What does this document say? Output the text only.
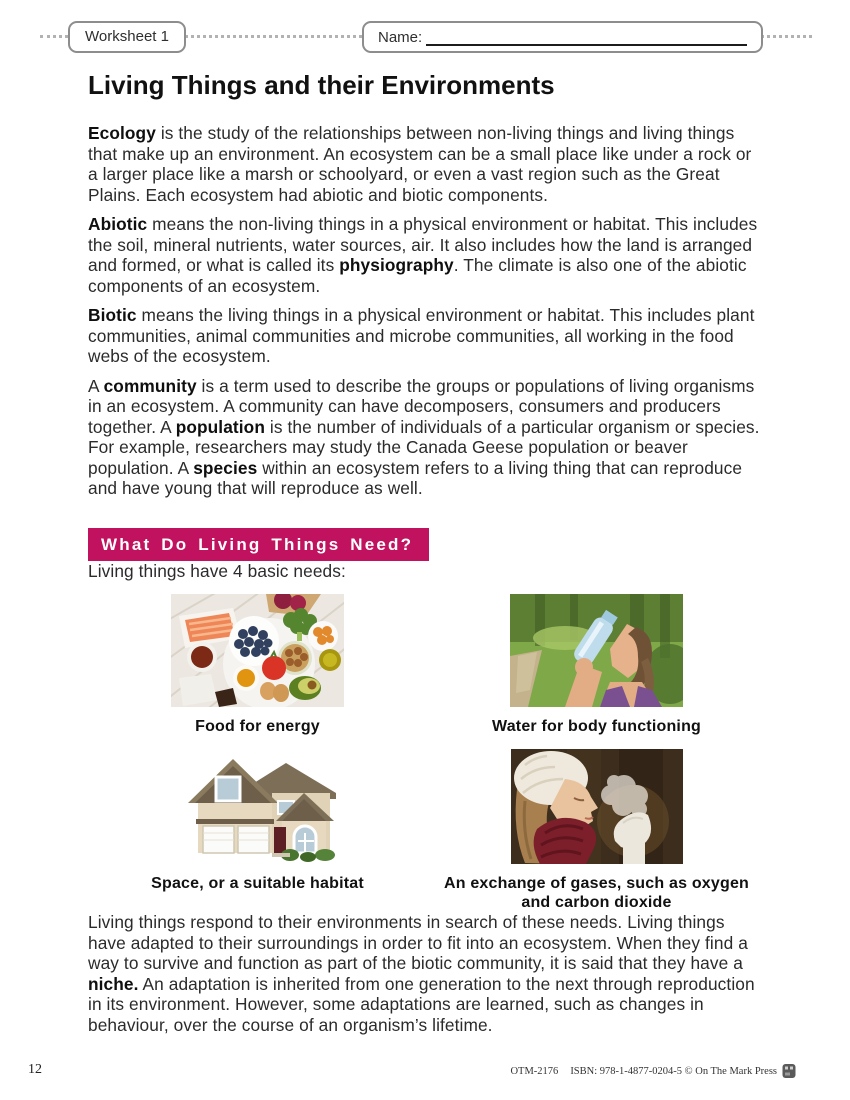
Worksheet 1	Name:
Living Things and their Environments

Ecology is the study of the relationships between non-living things and living things that make up an environment. An ecosystem can be a small place like under a rock or a larger place like a marsh or schoolyard, or even a vast region such as the Great Plains. Each ecosystem had abiotic and biotic components.

Abiotic means the non-living things in a physical environment or habitat. This includes the soil, mineral nutrients, water sources, air. It also includes how the land is arranged and formed, or what is called its physiography. The climate is also one of the abiotic components of an ecosystem.

Biotic means the living things in a physical environment or habitat. This includes plant communities, animal communities and microbe communities, all working in the food webs of the ecosystem.

A community is a term used to describe the groups or populations of living organisms in an ecosystem. A community can have decomposers, consumers and producers together. A population is the number of individuals of a particular organism or species. For example, researchers may study the Canada Geese population or beaver population. A species within an ecosystem refers to a living thing that can reproduce and have young that will reproduce as well.

What Do Living Things Need?

Living things have 4 basic needs:

Food for energy	Water for body functioning
Space, or a suitable habitat	An exchange of gases, such as oxygen and carbon dioxide

Living things respond to their environments in search of these needs. Living things have adapted to their surroundings in order to fit into an ecosystem. When they find a way to survive and function as part of the biotic community, it is said that they have a niche. An adaptation is inherited from one generation to the next through reproduction in its environment. However, some adaptations are learned, such as changes in behaviour, over the course of an organism’s lifetime.

12	OTM-2176 ISBN: 978-1-4877-0204-5 © On The Mark Press
